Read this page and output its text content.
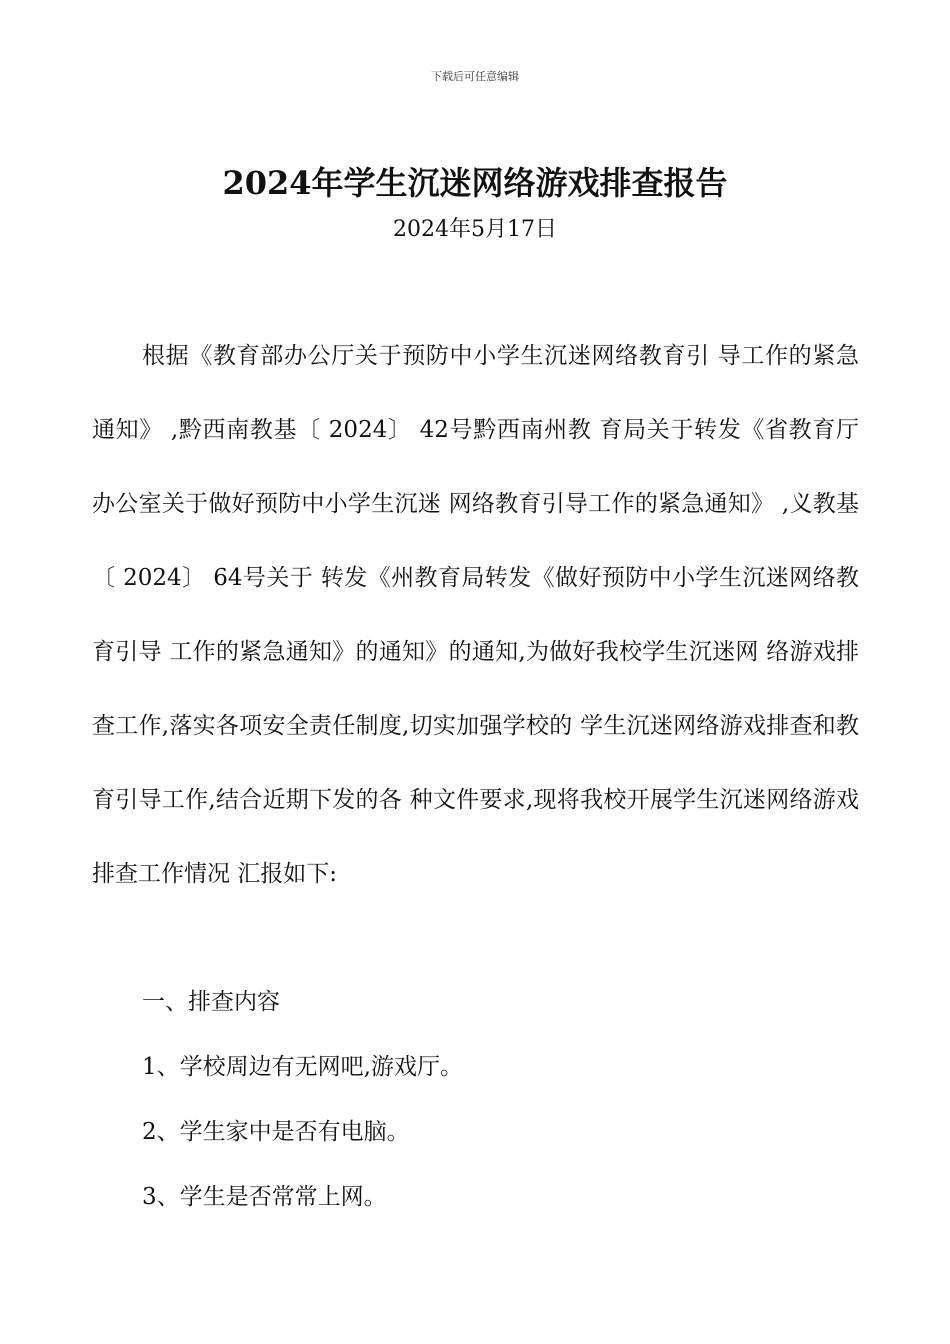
下载后可任意编辑
2024年学生沉迷网络游戏排查报告
2024年5月17日

根据《教育部办公厅关于预防中小学生沉迷网络教育引 导工作的紧急通知》 ,黔西南教基〔 2024〕 42号黔西南州教 育局关于转发《省教育厅办公室关于做好预防中小学生沉迷 网络教育引导工作的紧急通知》 ,义教基〔 2024〕 64号关于 转发《州教育局转发《做好预防中小学生沉迷网络教育引导 工作的紧急通知》的通知》的通知,为做好我校学生沉迷网 络游戏排查工作,落实各项安全责任制度,切实加强学校的 学生沉迷网络游戏排查和教育引导工作,结合近期下发的各 种文件要求,现将我校开展学生沉迷网络游戏排查工作情况 汇报如下:

一、排查内容
1、学校周边有无网吧,游戏厅。
2、学生家中是否有电脑。
3、学生是否常常上网。
